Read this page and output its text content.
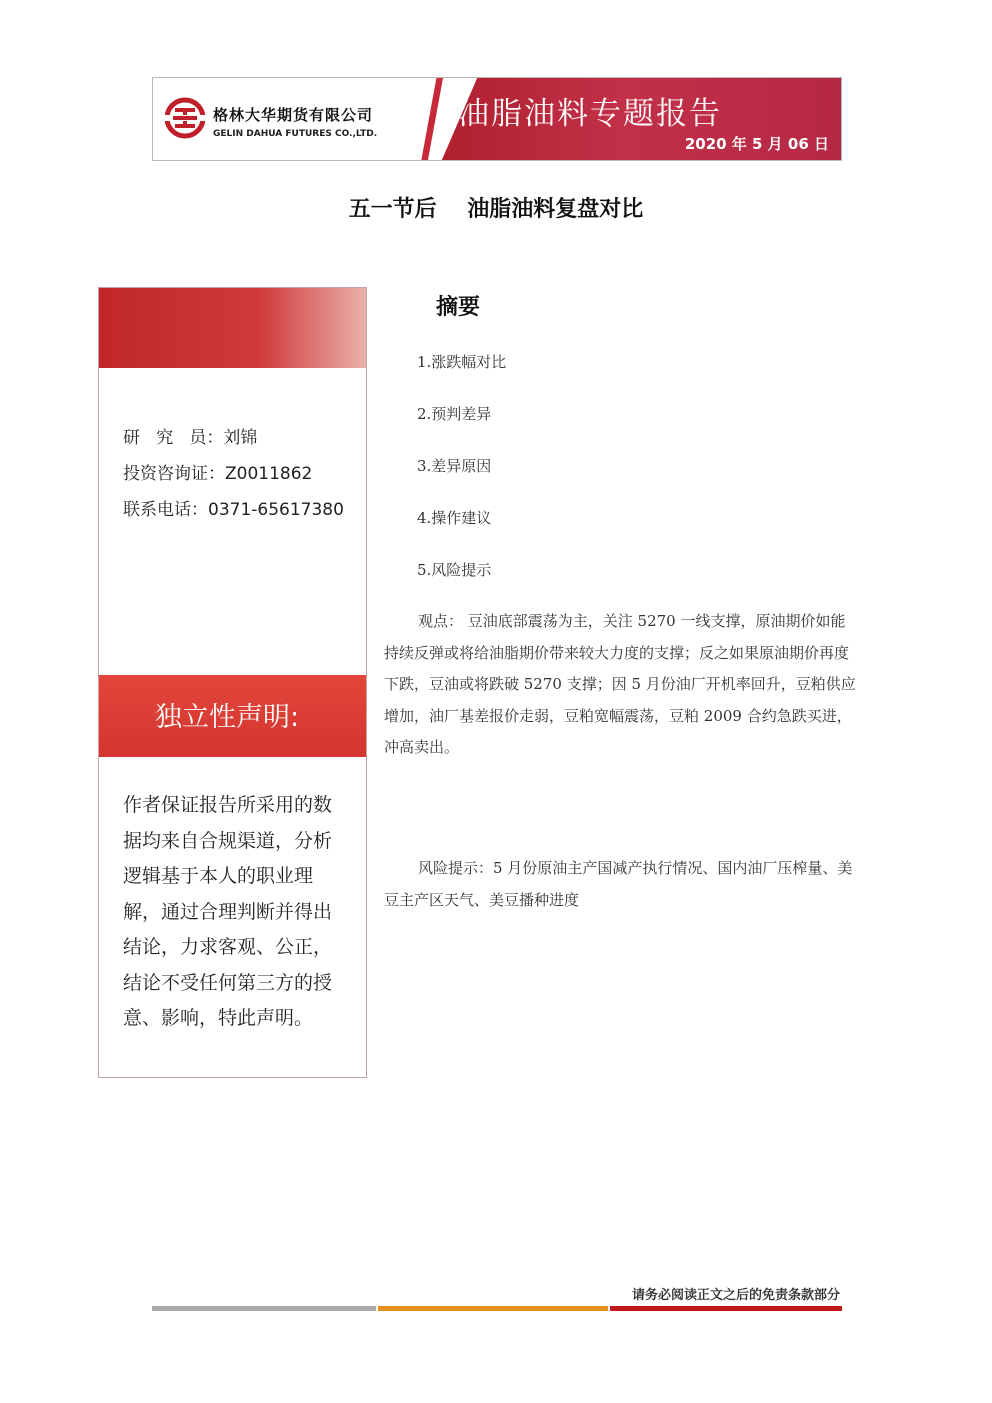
格林大华期货有限公司
GELIN DAHUA FUTURES CO.,LTD.
油脂油料专题报告
2020 年 5 月 06 日
五一节后    油脂油料复盘对比
研   究   员：刘锦
投资咨询证：Z0011862
联系电话：0371-65617380
独立性声明:
作者保证报告所采用的数据均来自合规渠道，分析逻辑基于本人的职业理解，通过合理判断并得出结论，力求客观、公正，结论不受任何第三方的授意、影响，特此声明。
摘要
1.涨跌幅对比
2.预判差异
3.差异原因
4.操作建议
5.风险提示
观点： 豆油底部震荡为主，关注 5270 一线支撑，原油期价如能持续反弹或将给油脂期价带来较大力度的支撑；反之如果原油期价再度下跌，豆油或将跌破 5270 支撑；因 5 月份油厂开机率回升，豆粕供应增加，油厂基差报价走弱，豆粕宽幅震荡，豆粕 2009 合约急跌买进，冲高卖出。
风险提示：5 月份原油主产国减产执行情况、国内油厂压榨量、美豆主产区天气、美豆播种进度
请务必阅读正文之后的免责条款部分
